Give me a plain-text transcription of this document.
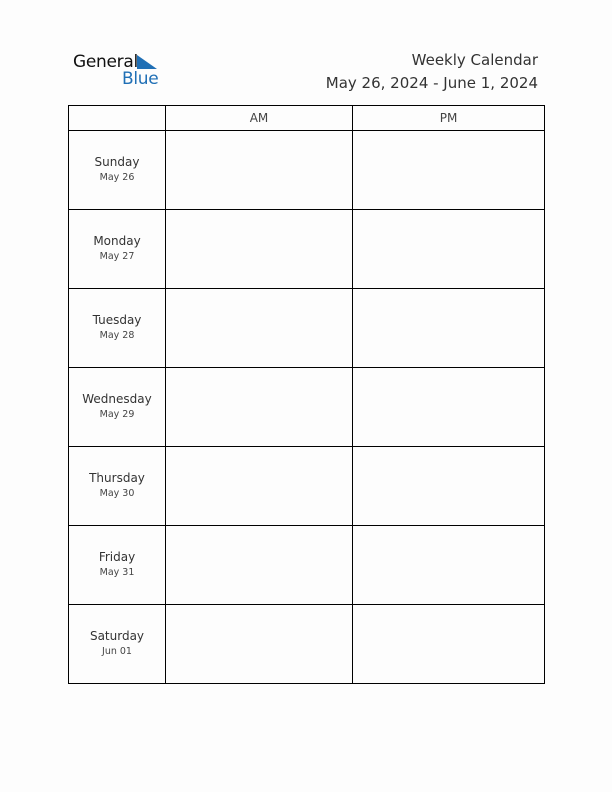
General
Blue
Weekly Calendar
May 26, 2024 - June 1, 2024
	AM	PM

Sunday
May 26		

Monday
May 27		

Tuesday
May 28		

Wednesday
May 29		

Thursday
May 30		

Friday
May 31		

Saturday
Jun 01		
